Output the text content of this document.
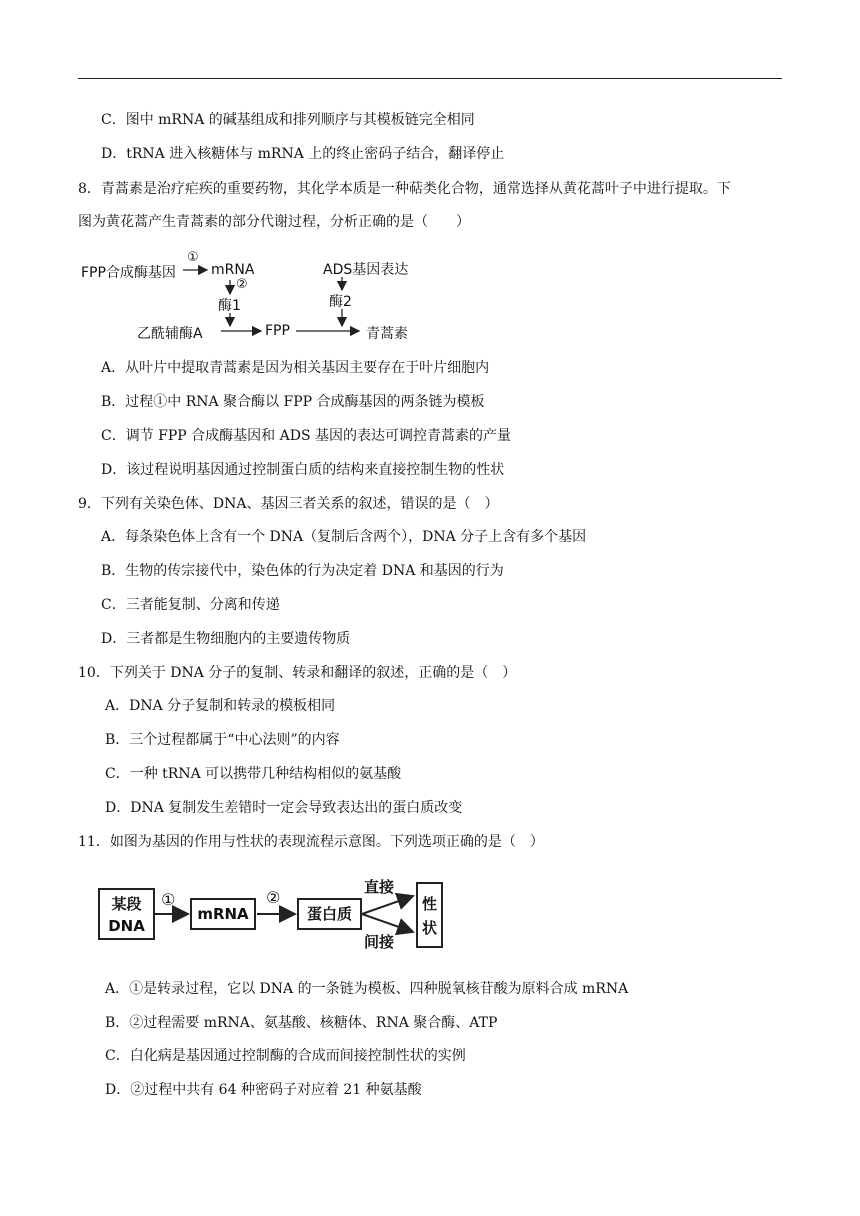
C．图中 mRNA 的碱基组成和排列顺序与其模板链完全相同
D．tRNA 进入核糖体与 mRNA 上的终止密码子结合，翻译停止
8．青蒿素是治疗疟疾的重要药物，其化学本质是一种萜类化合物，通常选择从黄花蒿叶子中进行提取。下
图为黄花蒿产生青蒿素的部分代谢过程，分析正确的是（　　）
FPP合成酶基因
①
mRNA
②
酶1
乙酰辅酶A	FPP
ADS基因表达
酶2
青蒿素
A．从叶片中提取青蒿素是因为相关基因主要存在于叶片细胞内
B．过程①中 RNA 聚合酶以 FPP 合成酶基因的两条链为模板
C．调节 FPP 合成酶基因和 ADS 基因的表达可调控青蒿素的产量
D．该过程说明基因通过控制蛋白质的结构来直接控制生物的性状
9．下列有关染色体、DNA、基因三者关系的叙述，错误的是（　）
A．每条染色体上含有一个 DNA（复制后含两个），DNA 分子上含有多个基因
B．生物的传宗接代中，染色体的行为决定着 DNA 和基因的行为
C．三者能复制、分离和传递
D．三者都是生物细胞内的主要遗传物质
10．下列关于 DNA 分子的复制、转录和翻译的叙述，正确的是（　）
A．DNA 分子复制和转录的模板相同
B．三个过程都属于“中心法则”的内容
C．一种 tRNA 可以携带几种结构相似的氨基酸
D．DNA 复制发生差错时一定会导致表达出的蛋白质改变
11．如图为基因的作用与性状的表现流程示意图。下列选项正确的是（　）
某段
DNA
①
mRNA
②
蛋白质
直接
间接
性
状
A．①是转录过程，它以 DNA 的一条链为模板、四种脱氧核苷酸为原料合成 mRNA
B．②过程需要 mRNA、氨基酸、核糖体、RNA 聚合酶、ATP
C．白化病是基因通过控制酶的合成而间接控制性状的实例
D．②过程中共有 64 种密码子对应着 21 种氨基酸
